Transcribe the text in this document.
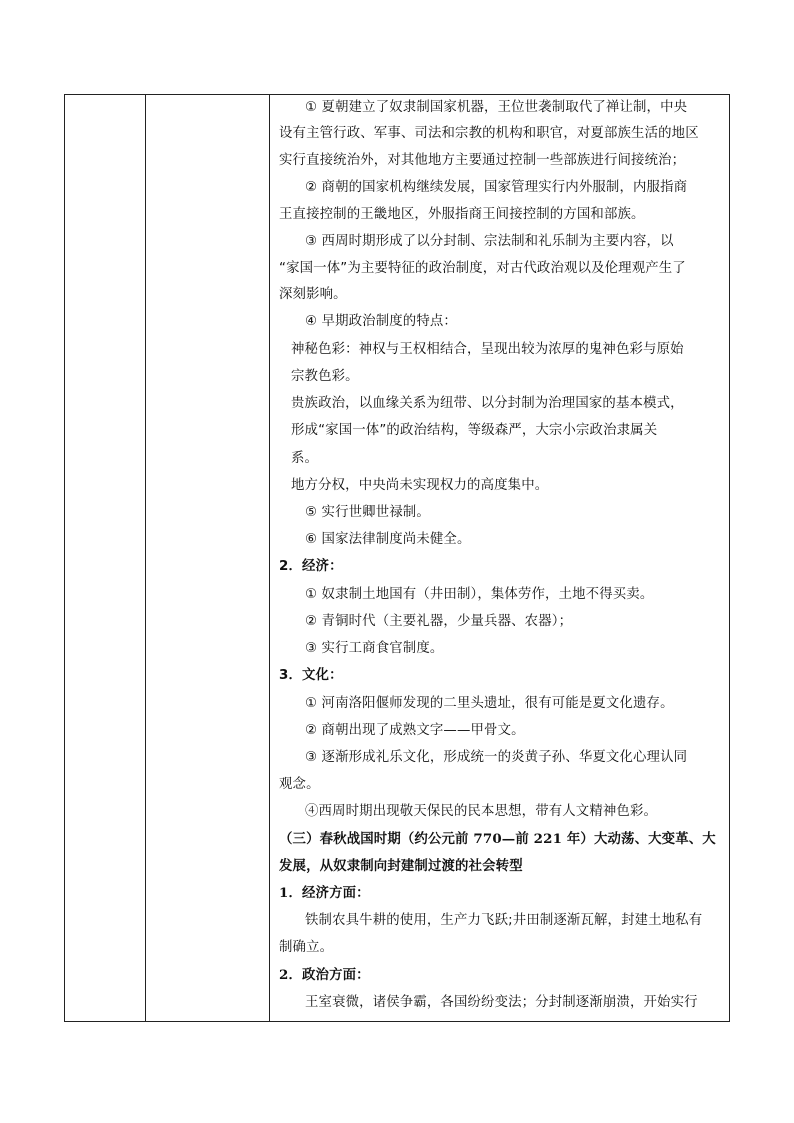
① 夏朝建立了奴隶制国家机器，王位世袭制取代了禅让制，中央
设有主管行政、军事、司法和宗教的机构和职官，对夏部族生活的地区
实行直接统治外，对其他地方主要通过控制一些部族进行间接统治；
② 商朝的国家机构继续发展，国家管理实行内外服制，内服指商
王直接控制的王畿地区，外服指商王间接控制的方国和部族。
③ 西周时期形成了以分封制、宗法制和礼乐制为主要内容，以
“家国一体”为主要特征的政治制度，对古代政治观以及伦理观产生了
深刻影响。
④ 早期政治制度的特点：
神秘色彩：神权与王权相结合，呈现出较为浓厚的鬼神色彩与原始
宗教色彩。
贵族政治，以血缘关系为纽带、以分封制为治理国家的基本模式，
形成“家国一体”的政治结构，等级森严，大宗小宗政治隶属关
系。
地方分权，中央尚未实现权力的高度集中。
⑤ 实行世卿世禄制。
⑥ 国家法律制度尚未健全。
2．经济：
① 奴隶制土地国有（井田制），集体劳作，土地不得买卖。
② 青铜时代（主要礼器，少量兵器、农器）；
③ 实行工商食官制度。
3．文化：
① 河南洛阳偃师发现的二里头遗址，很有可能是夏文化遗存。
② 商朝出现了成熟文字——甲骨文。
③ 逐渐形成礼乐文化，形成统一的炎黄子孙、华夏文化心理认同
观念。
④西周时期出现敬天保民的民本思想，带有人文精神色彩。
（三）春秋战国时期（约公元前 770—前 221 年）大动荡、大变革、大
发展，从奴隶制向封建制过渡的社会转型
1．经济方面：
铁制农具牛耕的使用，生产力飞跃;井田制逐渐瓦解，封建土地私有
制确立。
2．政治方面：
王室衰微，诸侯争霸，各国纷纷变法；分封制逐渐崩溃，开始实行
